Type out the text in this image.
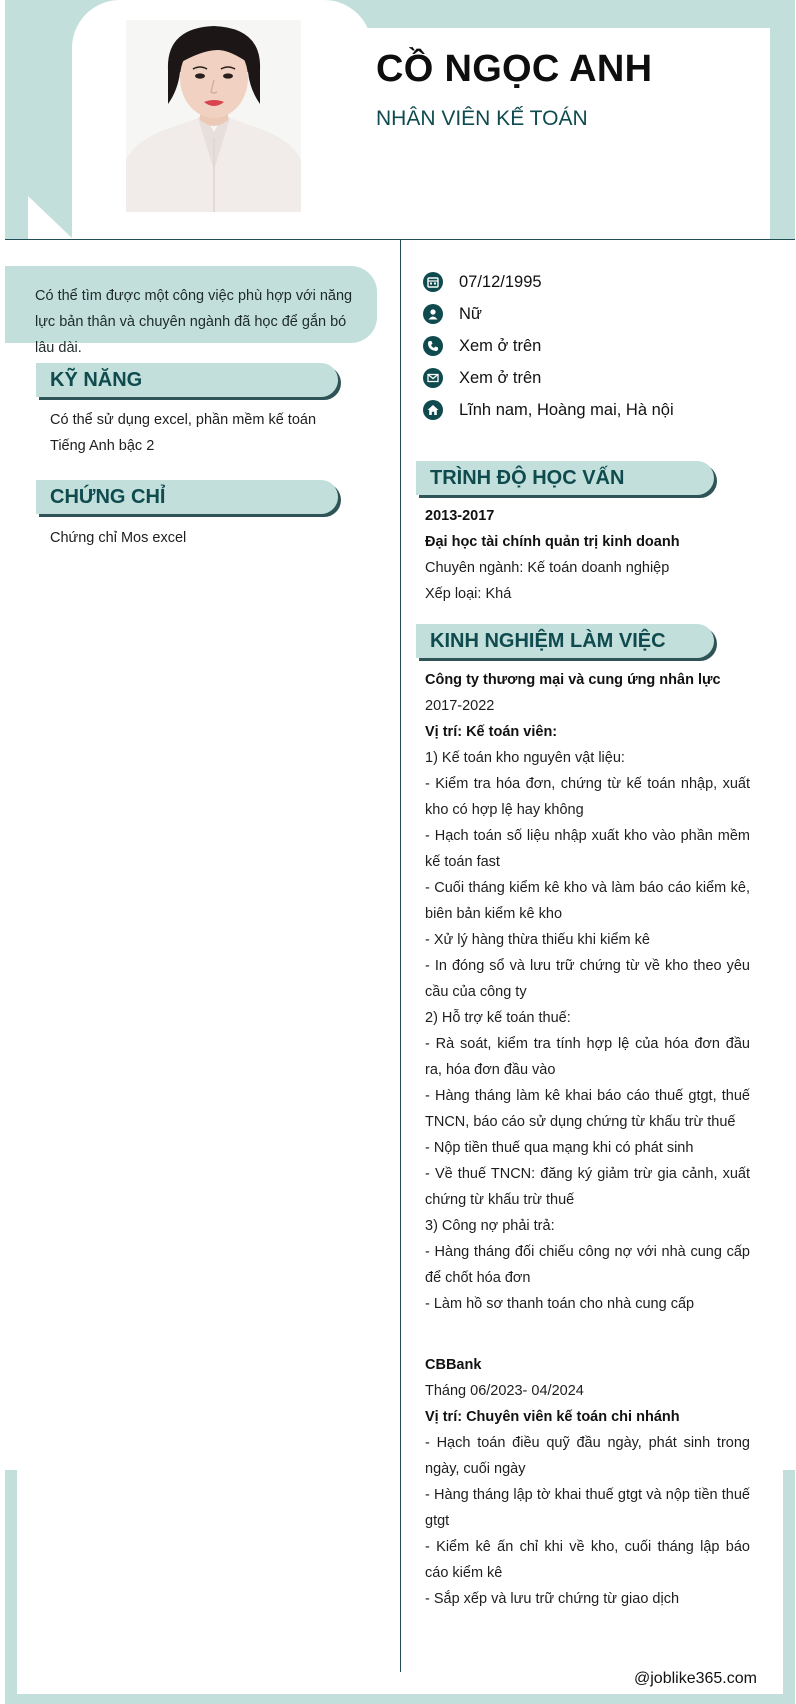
CỒ NGỌC ANH
NHÂN VIÊN KẾ TOÁN
Có thể tìm được một công việc phù hợp với năng lực bản thân và chuyên ngành đã học để gắn bó lâu dài.
KỸ NĂNG
Có thể sử dụng excel, phần mềm kế toán
Tiếng Anh bậc 2
CHỨNG CHỈ
Chứng chỉ Mos excel
07/12/1995
Nữ
Xem ở trên
Xem ở trên
Lĩnh nam, Hoàng mai, Hà nội
TRÌNH ĐỘ HỌC VẤN
2013-2017
Đại học tài chính quản trị kinh doanh
Chuyên ngành: Kế toán doanh nghiệp
Xếp loại: Khá
KINH NGHIỆM LÀM VIỆC
Công ty thương mại và cung ứng nhân lực
2017-2022
Vị trí: Kế toán viên:
1) Kế toán kho nguyên vật liệu:
- Kiểm tra hóa đơn, chứng từ kế toán nhập, xuất kho có hợp lệ hay không
- Hạch toán số liệu nhập xuất kho vào phần mềm kế toán fast
- Cuối tháng kiểm kê kho và làm báo cáo kiểm kê, biên bản kiểm kê kho
- Xử lý hàng thừa thiếu khi kiểm kê
- In đóng sổ và lưu trữ chứng từ về kho theo yêu cầu của công ty
2) Hỗ trợ kế toán thuế:
- Rà soát, kiểm tra tính hợp lệ của hóa đơn đầu ra, hóa đơn đầu vào
- Hàng tháng làm kê khai báo cáo thuế gtgt, thuế TNCN, báo cáo sử dụng chứng từ khấu trừ thuế
- Nộp tiền thuế qua mạng khi có phát sinh
- Về thuế TNCN: đăng ký giảm trừ gia cảnh, xuất chứng từ khấu trừ thuế
3) Công nợ phải trả:
- Hàng tháng đối chiếu công nợ với nhà cung cấp để chốt hóa đơn
- Làm hồ sơ thanh toán cho nhà cung cấp
CBBank
Tháng 06/2023- 04/2024
Vị trí: Chuyên viên kế toán chi nhánh
- Hạch toán điều quỹ đầu ngày, phát sinh trong ngày, cuối ngày
- Hàng tháng lập tờ khai thuế gtgt và nộp tiền thuế gtgt
- Kiểm kê ấn chỉ khi về kho, cuối tháng lập báo cáo kiểm kê
- Sắp xếp và lưu trữ chứng từ giao dịch
@joblike365.com
